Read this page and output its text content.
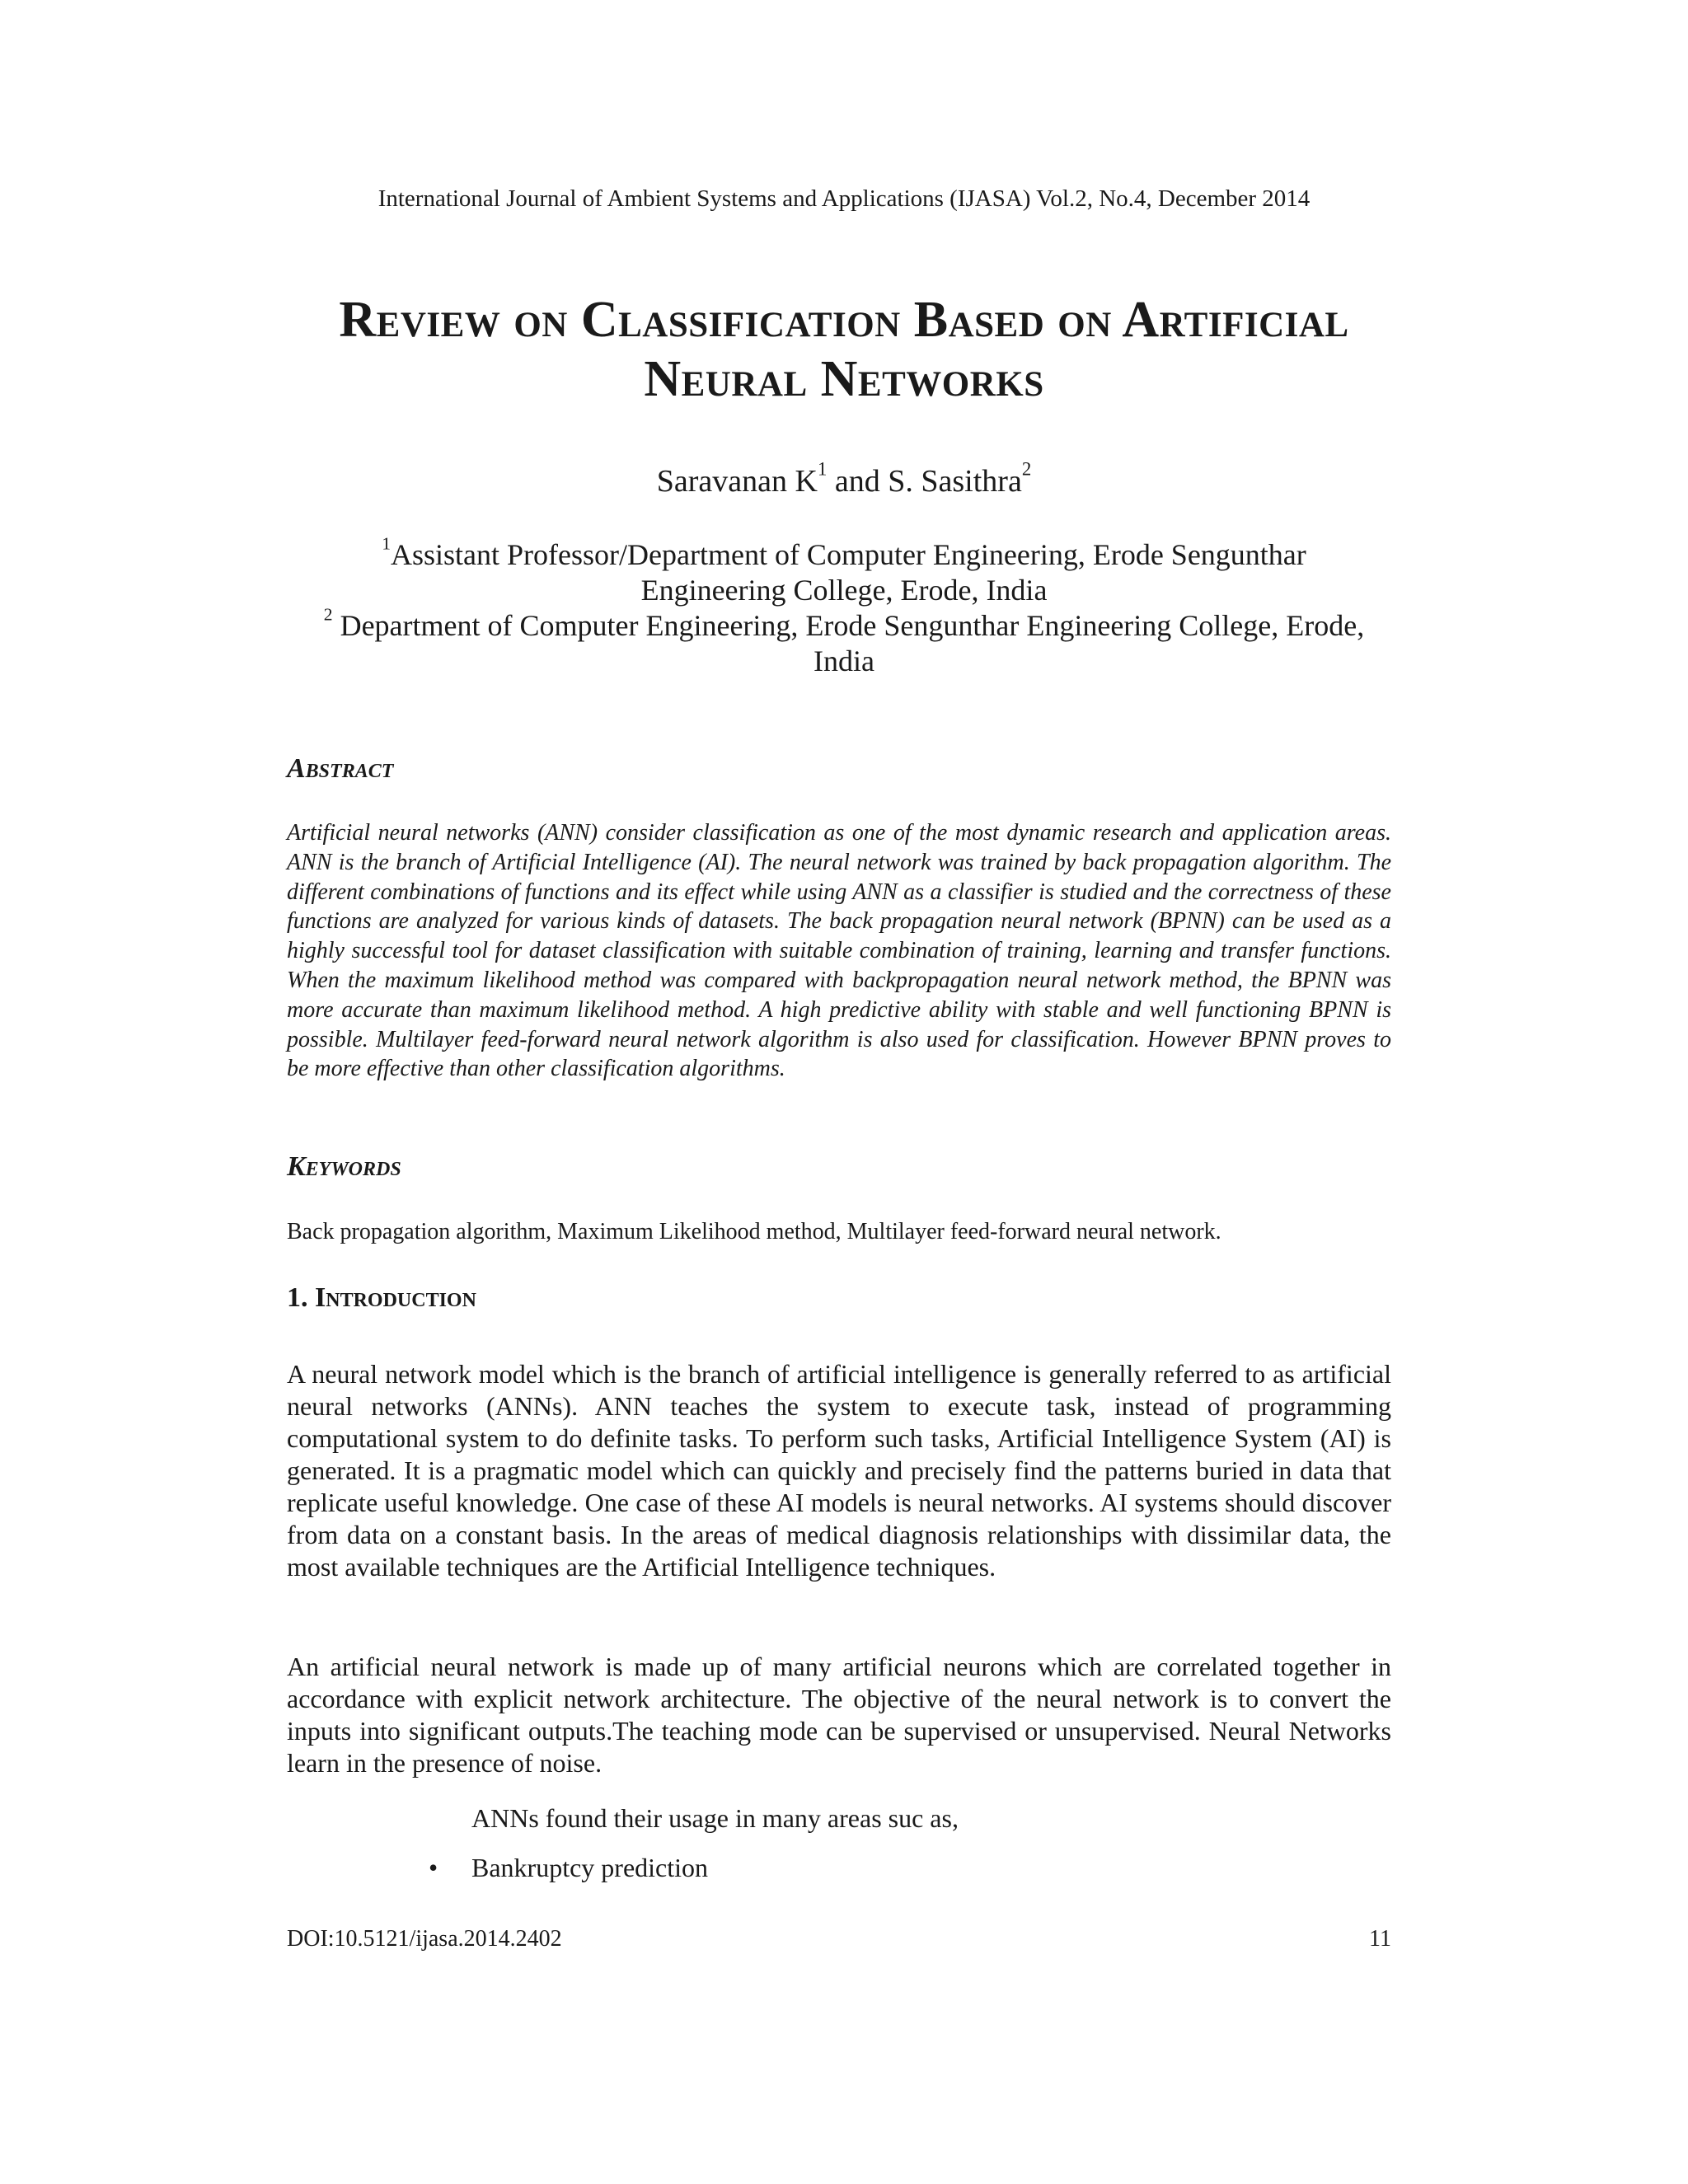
International Journal of Ambient Systems and Applications (IJASA) Vol.2, No.4, December 2014
Review on Classification Based on Artificial
Neural Networks
Saravanan $K^1$ and S. Sasithra$^2$
$^1$Assistant Professor/Department of Computer Engineering, Erode Sengunthar
Engineering College, Erode, India
$^2$ Department of Computer Engineering, Erode Sengunthar Engineering College, Erode,
India
Abstract

Artificial neural networks (ANN) consider classification as one of the most dynamic research and application areas. ANN is the branch of Artificial Intelligence (AI). The neural network was trained by back propagation algorithm. The different combinations of functions and its effect while using ANN as a classifier is studied and the correctness of these functions are analyzed for various kinds of datasets. The back propagation neural network (BPNN) can be used as a highly successful tool for dataset classification with suitable combination of training, learning and transfer functions. When the maximum likelihood method was compared with backpropagation neural network method, the BPNN was more accurate than maximum likelihood method. A high predictive ability with stable and well functioning BPNN is possible. Multilayer feed-forward neural network algorithm is also used for classification. However BPNN proves to be more effective than other classification algorithms.

Keywords

Back propagation algorithm, Maximum Likelihood method, Multilayer feed-forward neural network.

1. Introduction

A neural network model which is the branch of artificial intelligence is generally referred to as artificial neural networks (ANNs). ANN teaches the system to execute task, instead of programming computational system to do definite tasks. To perform such tasks, Artificial Intelligence System (AI) is generated. It is a pragmatic model which can quickly and precisely find the patterns buried in data that replicate useful knowledge. One case of these AI models is neural networks. AI systems should discover from data on a constant basis. In the areas of medical diagnosis relationships with dissimilar data, the most available techniques are the Artificial Intelligence techniques.

An artificial neural network is made up of many artificial neurons which are correlated together in accordance with explicit network architecture. The objective of the neural network is to convert the inputs into significant outputs.The teaching mode can be supervised or unsupervised. Neural Networks learn in the presence of noise.

ANNs found their usage in many areas suc as,
• Bankruptcy prediction
DOI:10.5121/ijasa.2014.2402	11
